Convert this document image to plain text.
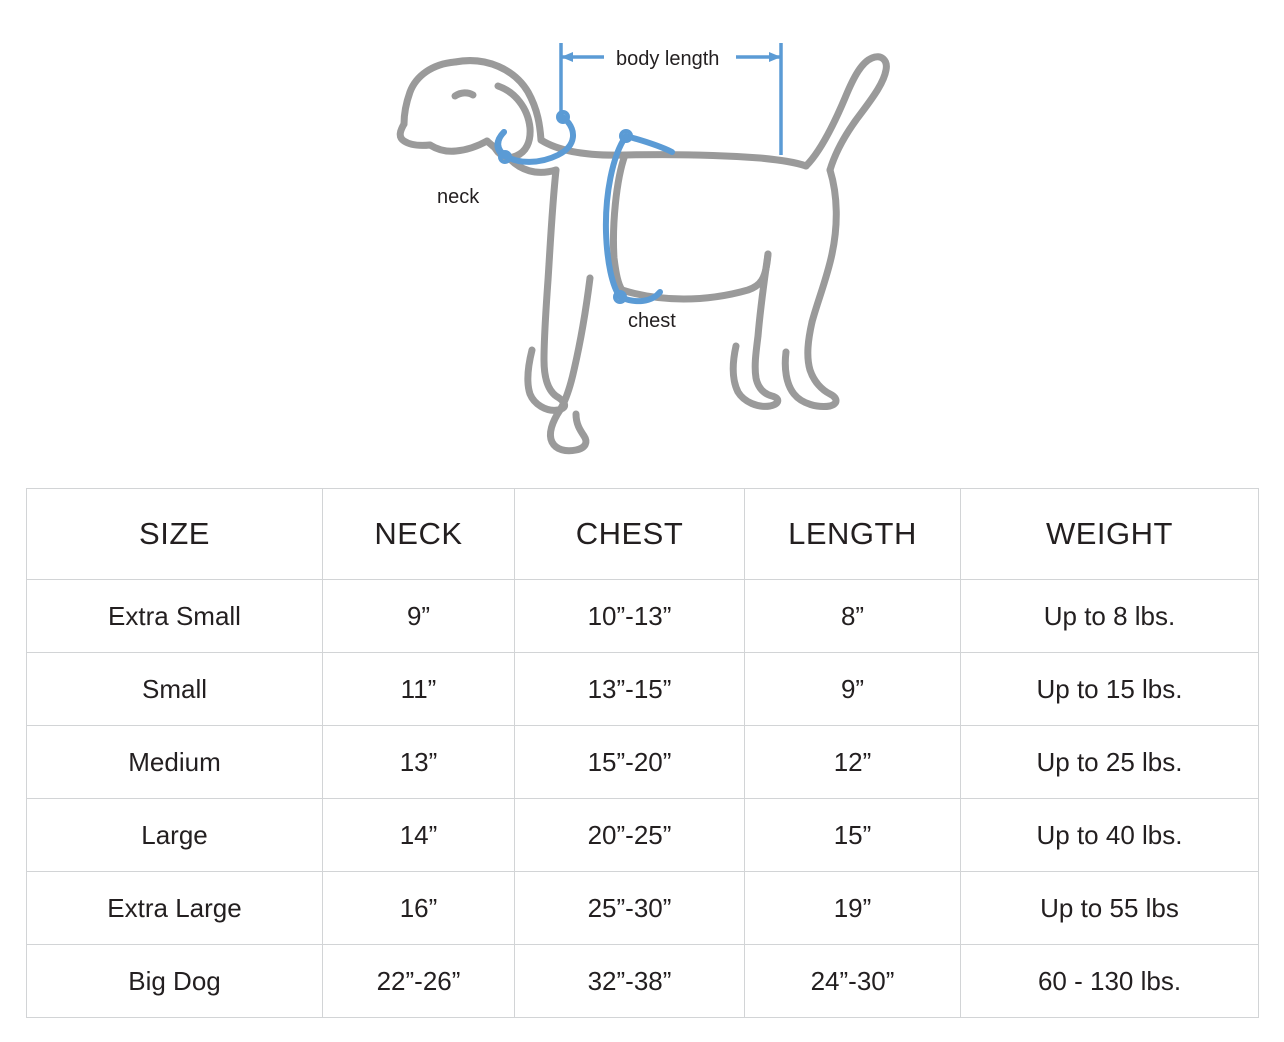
body length
neck
chest
SIZE	NECK	CHEST	LENGTH	WEIGHT
Extra Small	9”	10”-13”	8”	Up to 8 lbs.
Small	11”	13”-15”	9”	Up to 15 lbs.
Medium	13”	15”-20”	12”	Up to 25 lbs.
Large	14”	20”-25”	15”	Up to 40 lbs.
Extra Large	16”	25”-30”	19”	Up to 55 lbs
Big Dog	22”-26”	32”-38”	24”-30”	60 - 130 lbs.
